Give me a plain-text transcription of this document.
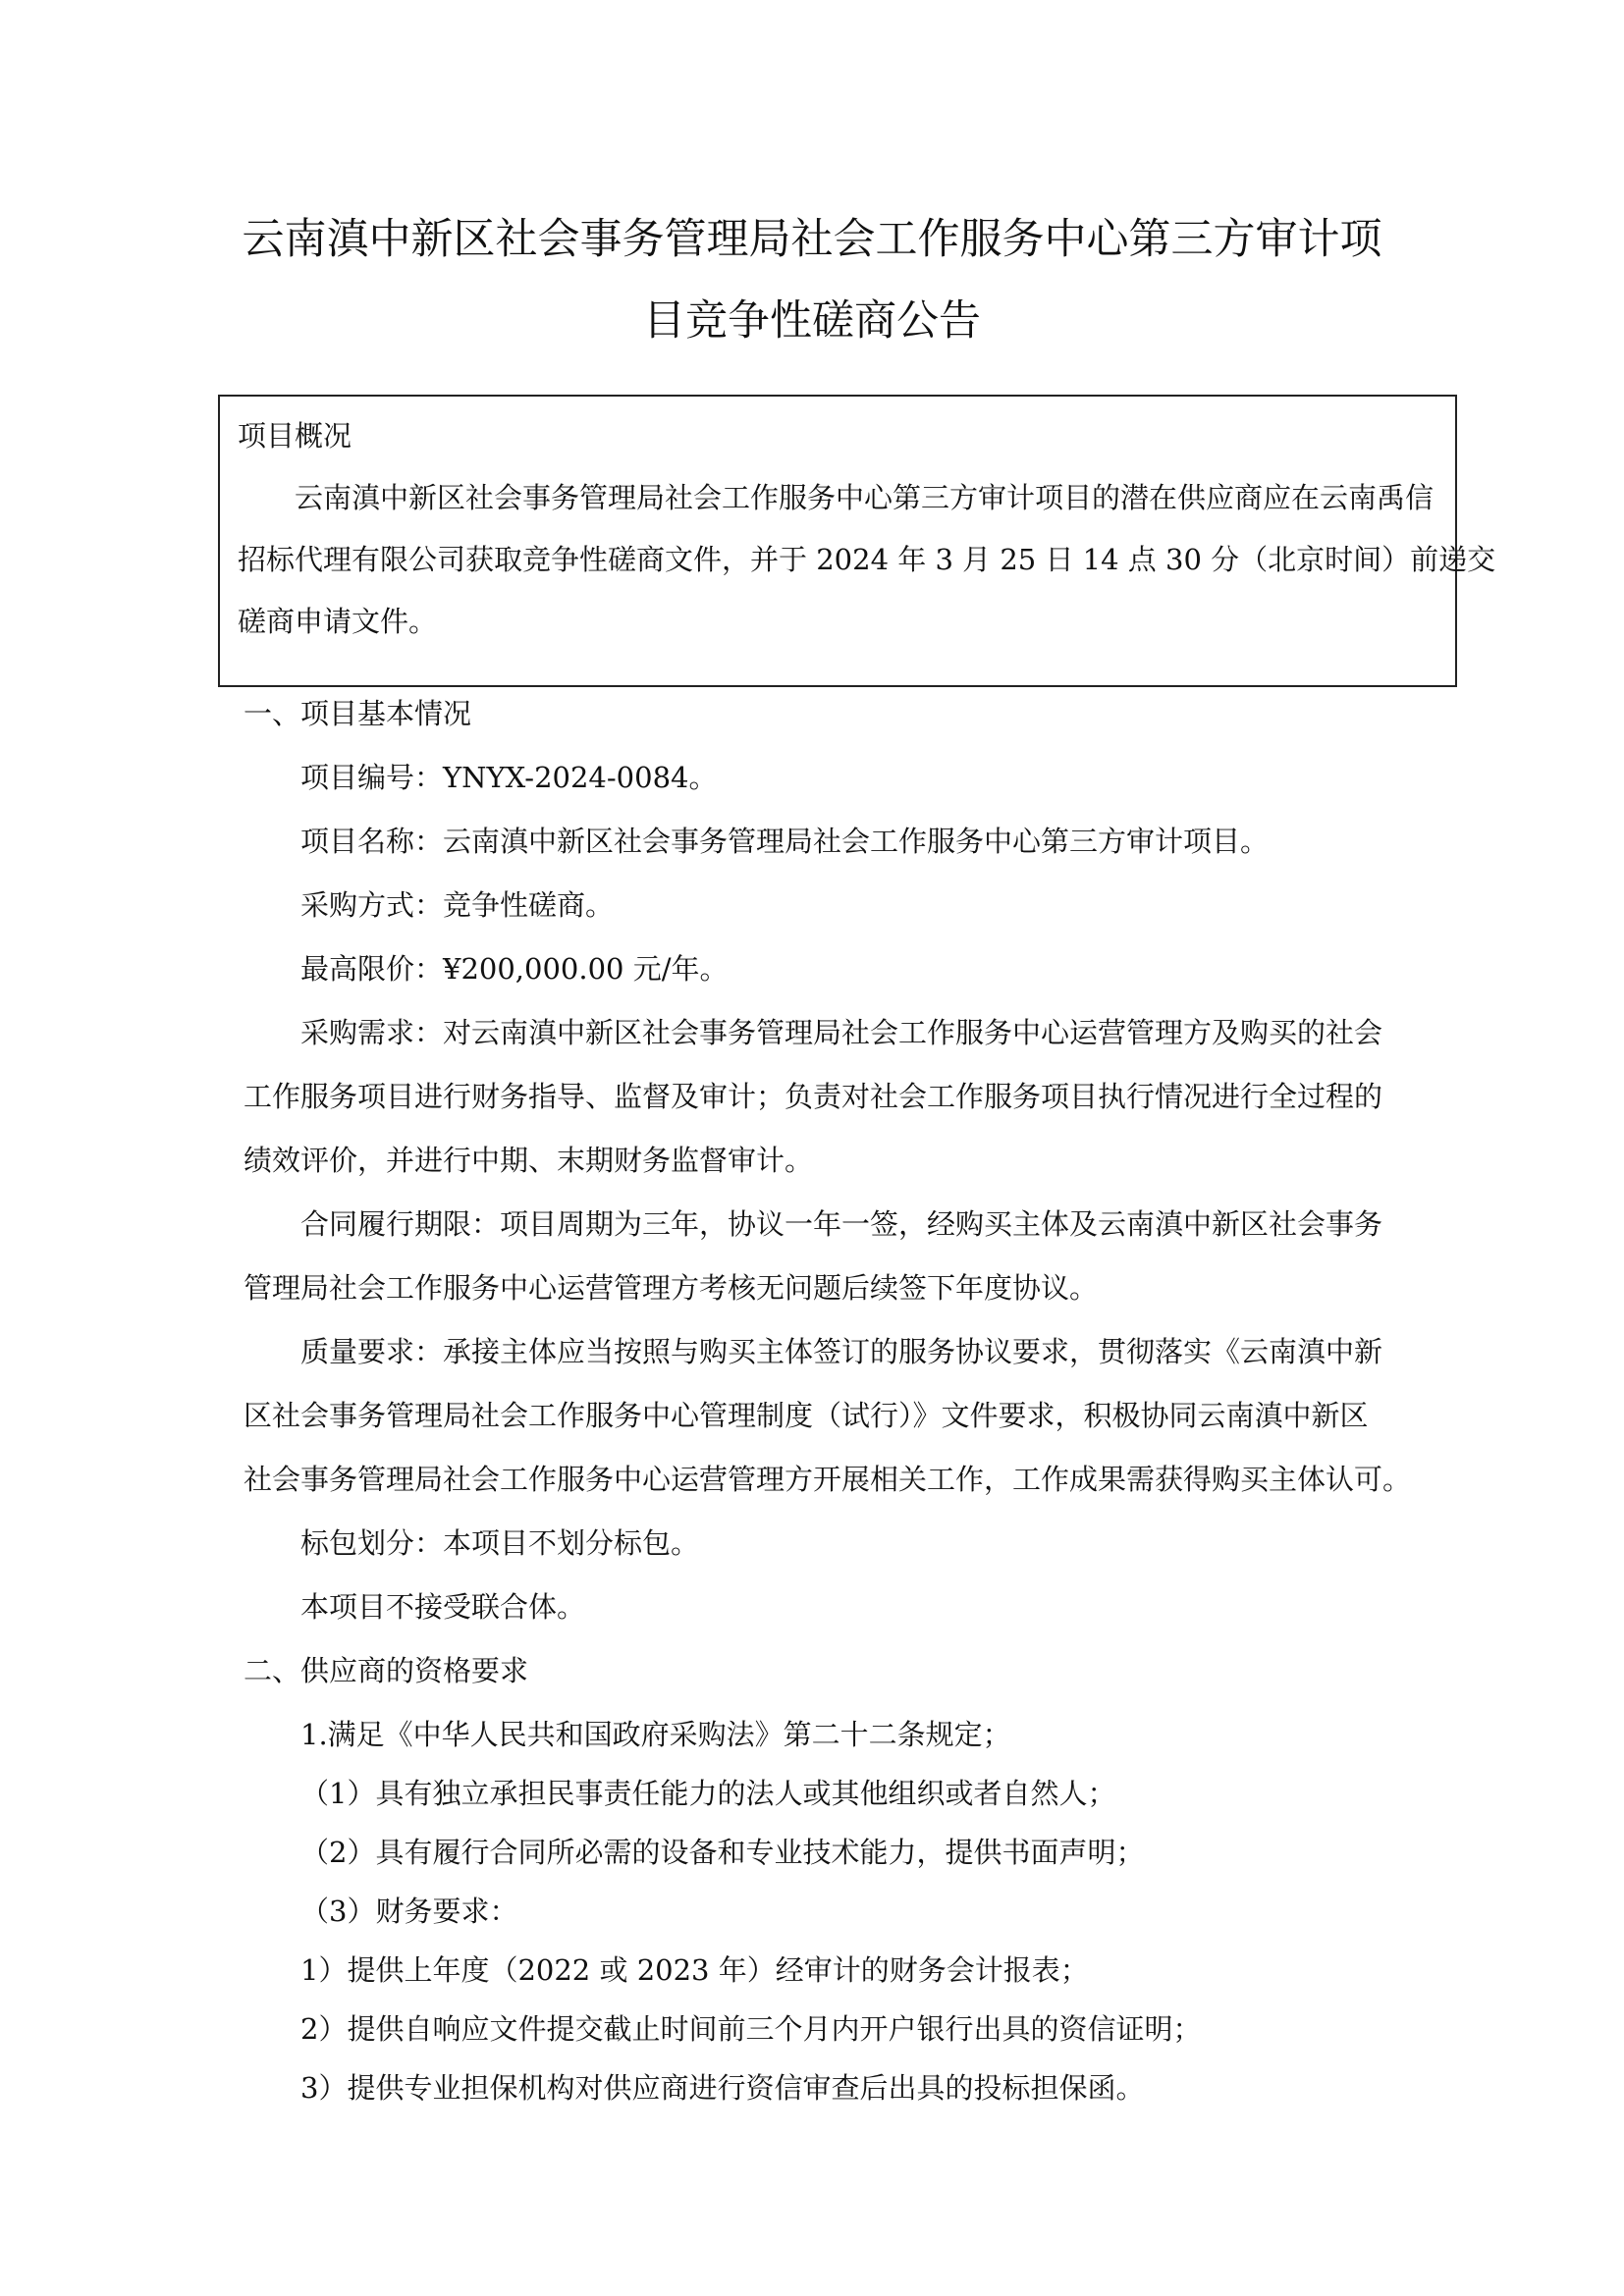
云南滇中新区社会事务管理局社会工作服务中心第三方审计项
目竞争性磋商公告
项目概况
云南滇中新区社会事务管理局社会工作服务中心第三方审计项目的潜在供应商应在云南禹信
招标代理有限公司获取竞争性磋商文件，并于 2024 年 3 月 25 日 14 点 30 分（北京时间）前递交
磋商申请文件。
一、项目基本情况
项目编号：YNYX-2024-0084。
项目名称：云南滇中新区社会事务管理局社会工作服务中心第三方审计项目。
采购方式：竞争性磋商。
最高限价：¥200,000.00 元/年。
采购需求：对云南滇中新区社会事务管理局社会工作服务中心运营管理方及购买的社会
工作服务项目进行财务指导、监督及审计；负责对社会工作服务项目执行情况进行全过程的
绩效评价，并进行中期、末期财务监督审计。
合同履行期限：项目周期为三年，协议一年一签，经购买主体及云南滇中新区社会事务
管理局社会工作服务中心运营管理方考核无问题后续签下年度协议。
质量要求：承接主体应当按照与购买主体签订的服务协议要求，贯彻落实《云南滇中新
区社会事务管理局社会工作服务中心管理制度（试行）》文件要求，积极协同云南滇中新区
社会事务管理局社会工作服务中心运营管理方开展相关工作，工作成果需获得购买主体认可。
标包划分：本项目不划分标包。
本项目不接受联合体。
二、供应商的资格要求
1.满足《中华人民共和国政府采购法》第二十二条规定；
（1）具有独立承担民事责任能力的法人或其他组织或者自然人；
（2）具有履行合同所必需的设备和专业技术能力，提供书面声明；
（3）财务要求：
1）提供上年度（2022 或 2023 年）经审计的财务会计报表；
2）提供自响应文件提交截止时间前三个月内开户银行出具的资信证明；
3）提供专业担保机构对供应商进行资信审查后出具的投标担保函。
